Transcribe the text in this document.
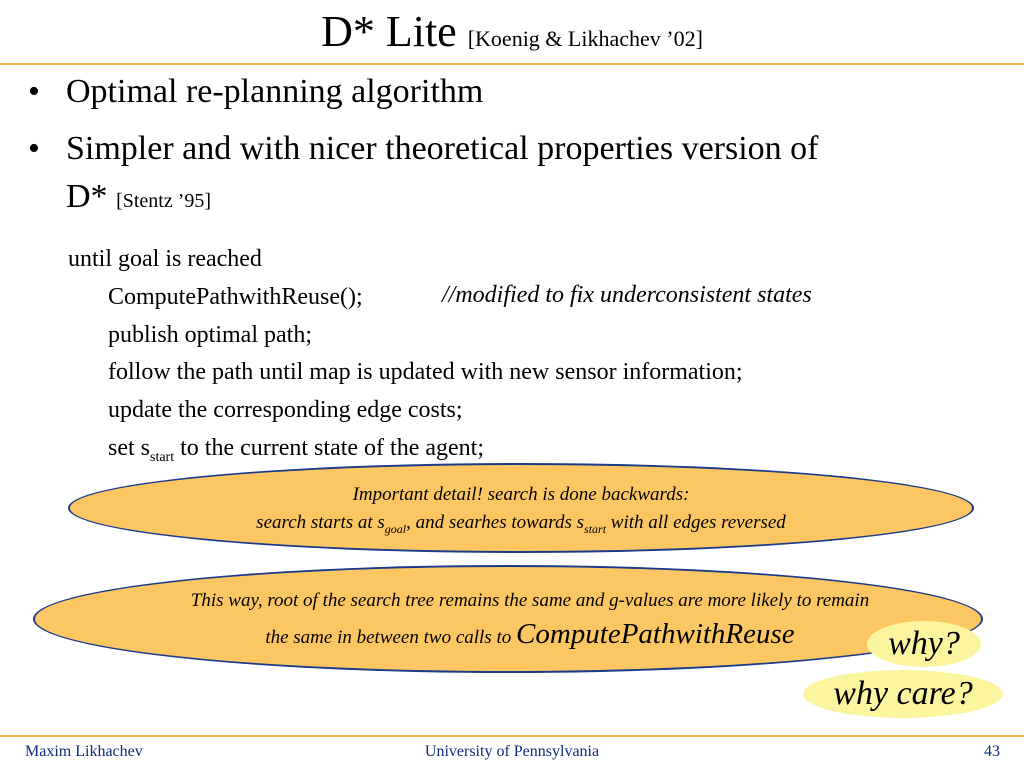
D* Lite [Koenig & Likhachev ’02]
• Optimal re-planning algorithm
• Simpler and with nicer theoretical properties version of
D* [Stentz ’95]
until goal is reached
ComputePathwithReuse();	//modified to fix underconsistent states
publish optimal path;
follow the path until map is updated with new sensor information;
update the corresponding edge costs;
set $s_{start}$ to the current state of the agent;
Important detail! search is done backwards:
search starts at $s_{goal}$, and searhes towards $s_{start}$ with all edges reversed
This way, root of the search tree remains the same and g-values are more likely to remain
the same in between two calls to ComputePathwithReuse	why?
why care?
Maxim Likhachev	University of Pennsylvania	43
